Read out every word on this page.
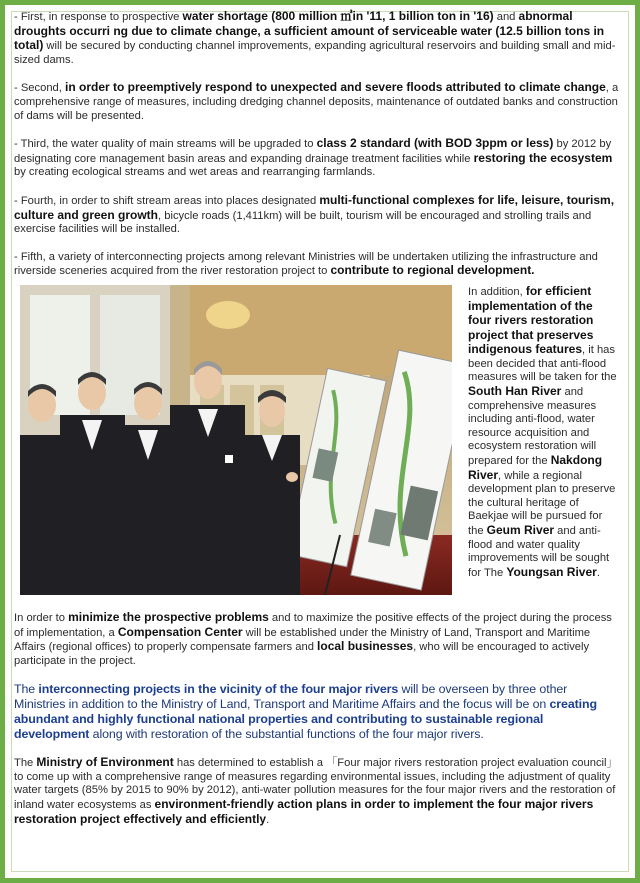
- First, in response to prospective water shortage (800 million ㎥in '11, 1 billion ton in '16) and abnormal droughts occurri ng due to climate change, a sufficient amount of serviceable water (12.5 billion tons in total) will be secured by conducting channel improvements, expanding agricultural reservoirs and building small and mid-sized dams.

- Second, in order to preemptively respond to unexpected and severe floods attributed to climate change, a comprehensive range of measures, including dredging channel deposits, maintenance of outdated banks and construction of dams will be presented.

- Third, the water quality of main streams will be upgraded to class 2 standard (with BOD 3ppm or less) by 2012 by designating core management basin areas and expanding drainage treatment facilities while restoring the ecosystem by creating ecological streams and wet areas and rearranging farmlands.

- Fourth, in order to shift stream areas into places designated multi-functional complexes for life, leisure, tourism, culture and green growth, bicycle roads (1,411km) will be built, tourism will be encouraged and strolling trails and exercise facilities will be installed.

- Fifth, a variety of interconnecting projects among relevant Ministries will be undertaken utilizing the infrastructure and riverside sceneries acquired from the river restoration project to contribute to regional development.

In addition, for efficient implementation of the four rivers restoration project that preserves indigenous features, it has been decided that anti-flood measures will be taken for the South Han River and comprehensive measures including anti-flood, water resource acquisition and ecosystem restoration will prepared for the Nakdong River, while a regional development plan to preserve the cultural heritage of Baekjae will be pursued for the Geum River and anti-flood and water quality improvements will be sought for The Youngsan River.

In order to minimize the prospective problems and to maximize the positive effects of the project during the process of implementation, a Compensation Center will be established under the Ministry of Land, Transport and Maritime Affairs (regional offices) to properly compensate farmers and local businesses, who will be encouraged to actively participate in the project.

The interconnecting projects in the vicinity of the four major rivers will be overseen by three other Ministries in addition to the Ministry of Land, Transport and Maritime Affairs and the focus will be on creating abundant and highly functional national properties and contributing to sustainable regional development along with restoration of the substantial functions of the four major rivers.

The Ministry of Environment has determined to establish a 「Four major rivers restoration project evaluation council」 to come up with a comprehensive range of measures regarding environmental issues, including the adjustment of quality water targets (85% by 2015 to 90% by 2012), anti-water pollution measures for the four major rivers and the restoration of inland water ecosystems as environment-friendly action plans in order to implement the four major rivers restoration project effectively and efficiently.
